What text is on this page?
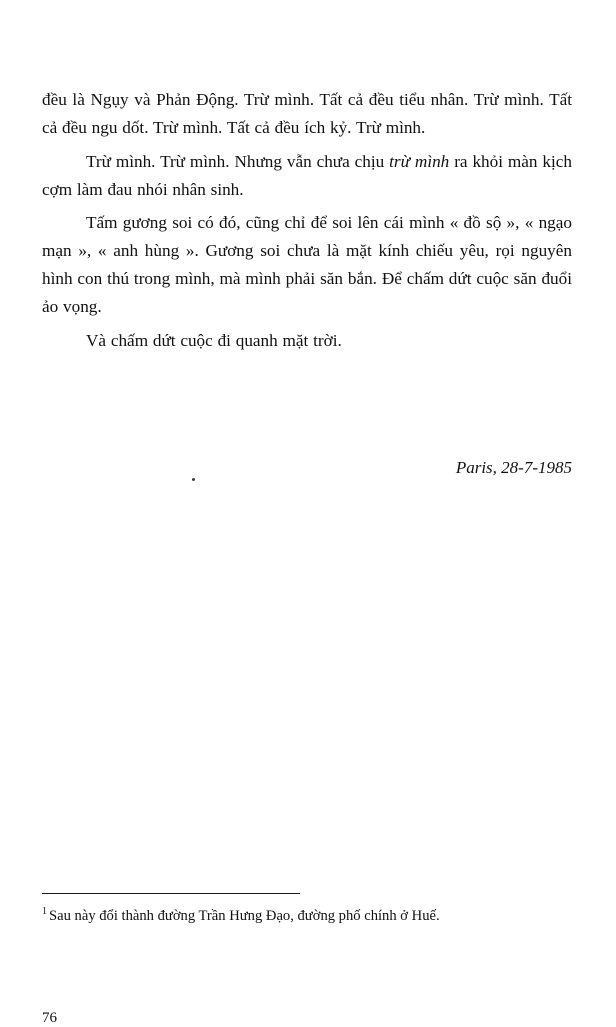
đều là Ngụy và Phản Động. Trừ mình. Tất cả đều tiểu nhân. Trừ mình. Tất cả đều ngu dốt. Trừ mình. Tất cả đều ích kỷ. Trừ mình.

Trừ mình. Trừ mình. Nhưng vẫn chưa chịu trừ mình ra khỏi màn kịch cợm làm đau nhói nhân sinh.

Tấm gương soi có đó, cũng chỉ để soi lên cái mình « đồ sộ », « ngạo mạn », « anh hùng ». Gương soi chưa là mặt kính chiếu yêu, rọi nguyên hình con thú trong mình, mà mình phải săn bắn. Để chấm dứt cuộc săn đuổi ảo vọng.

Và chấm dứt cuộc đi quanh mặt trời.

Paris, 28-7-1985
$^1$ Sau này đổi thành đường Trần Hưng Đạo, đường phố chính ở Huế.
76
